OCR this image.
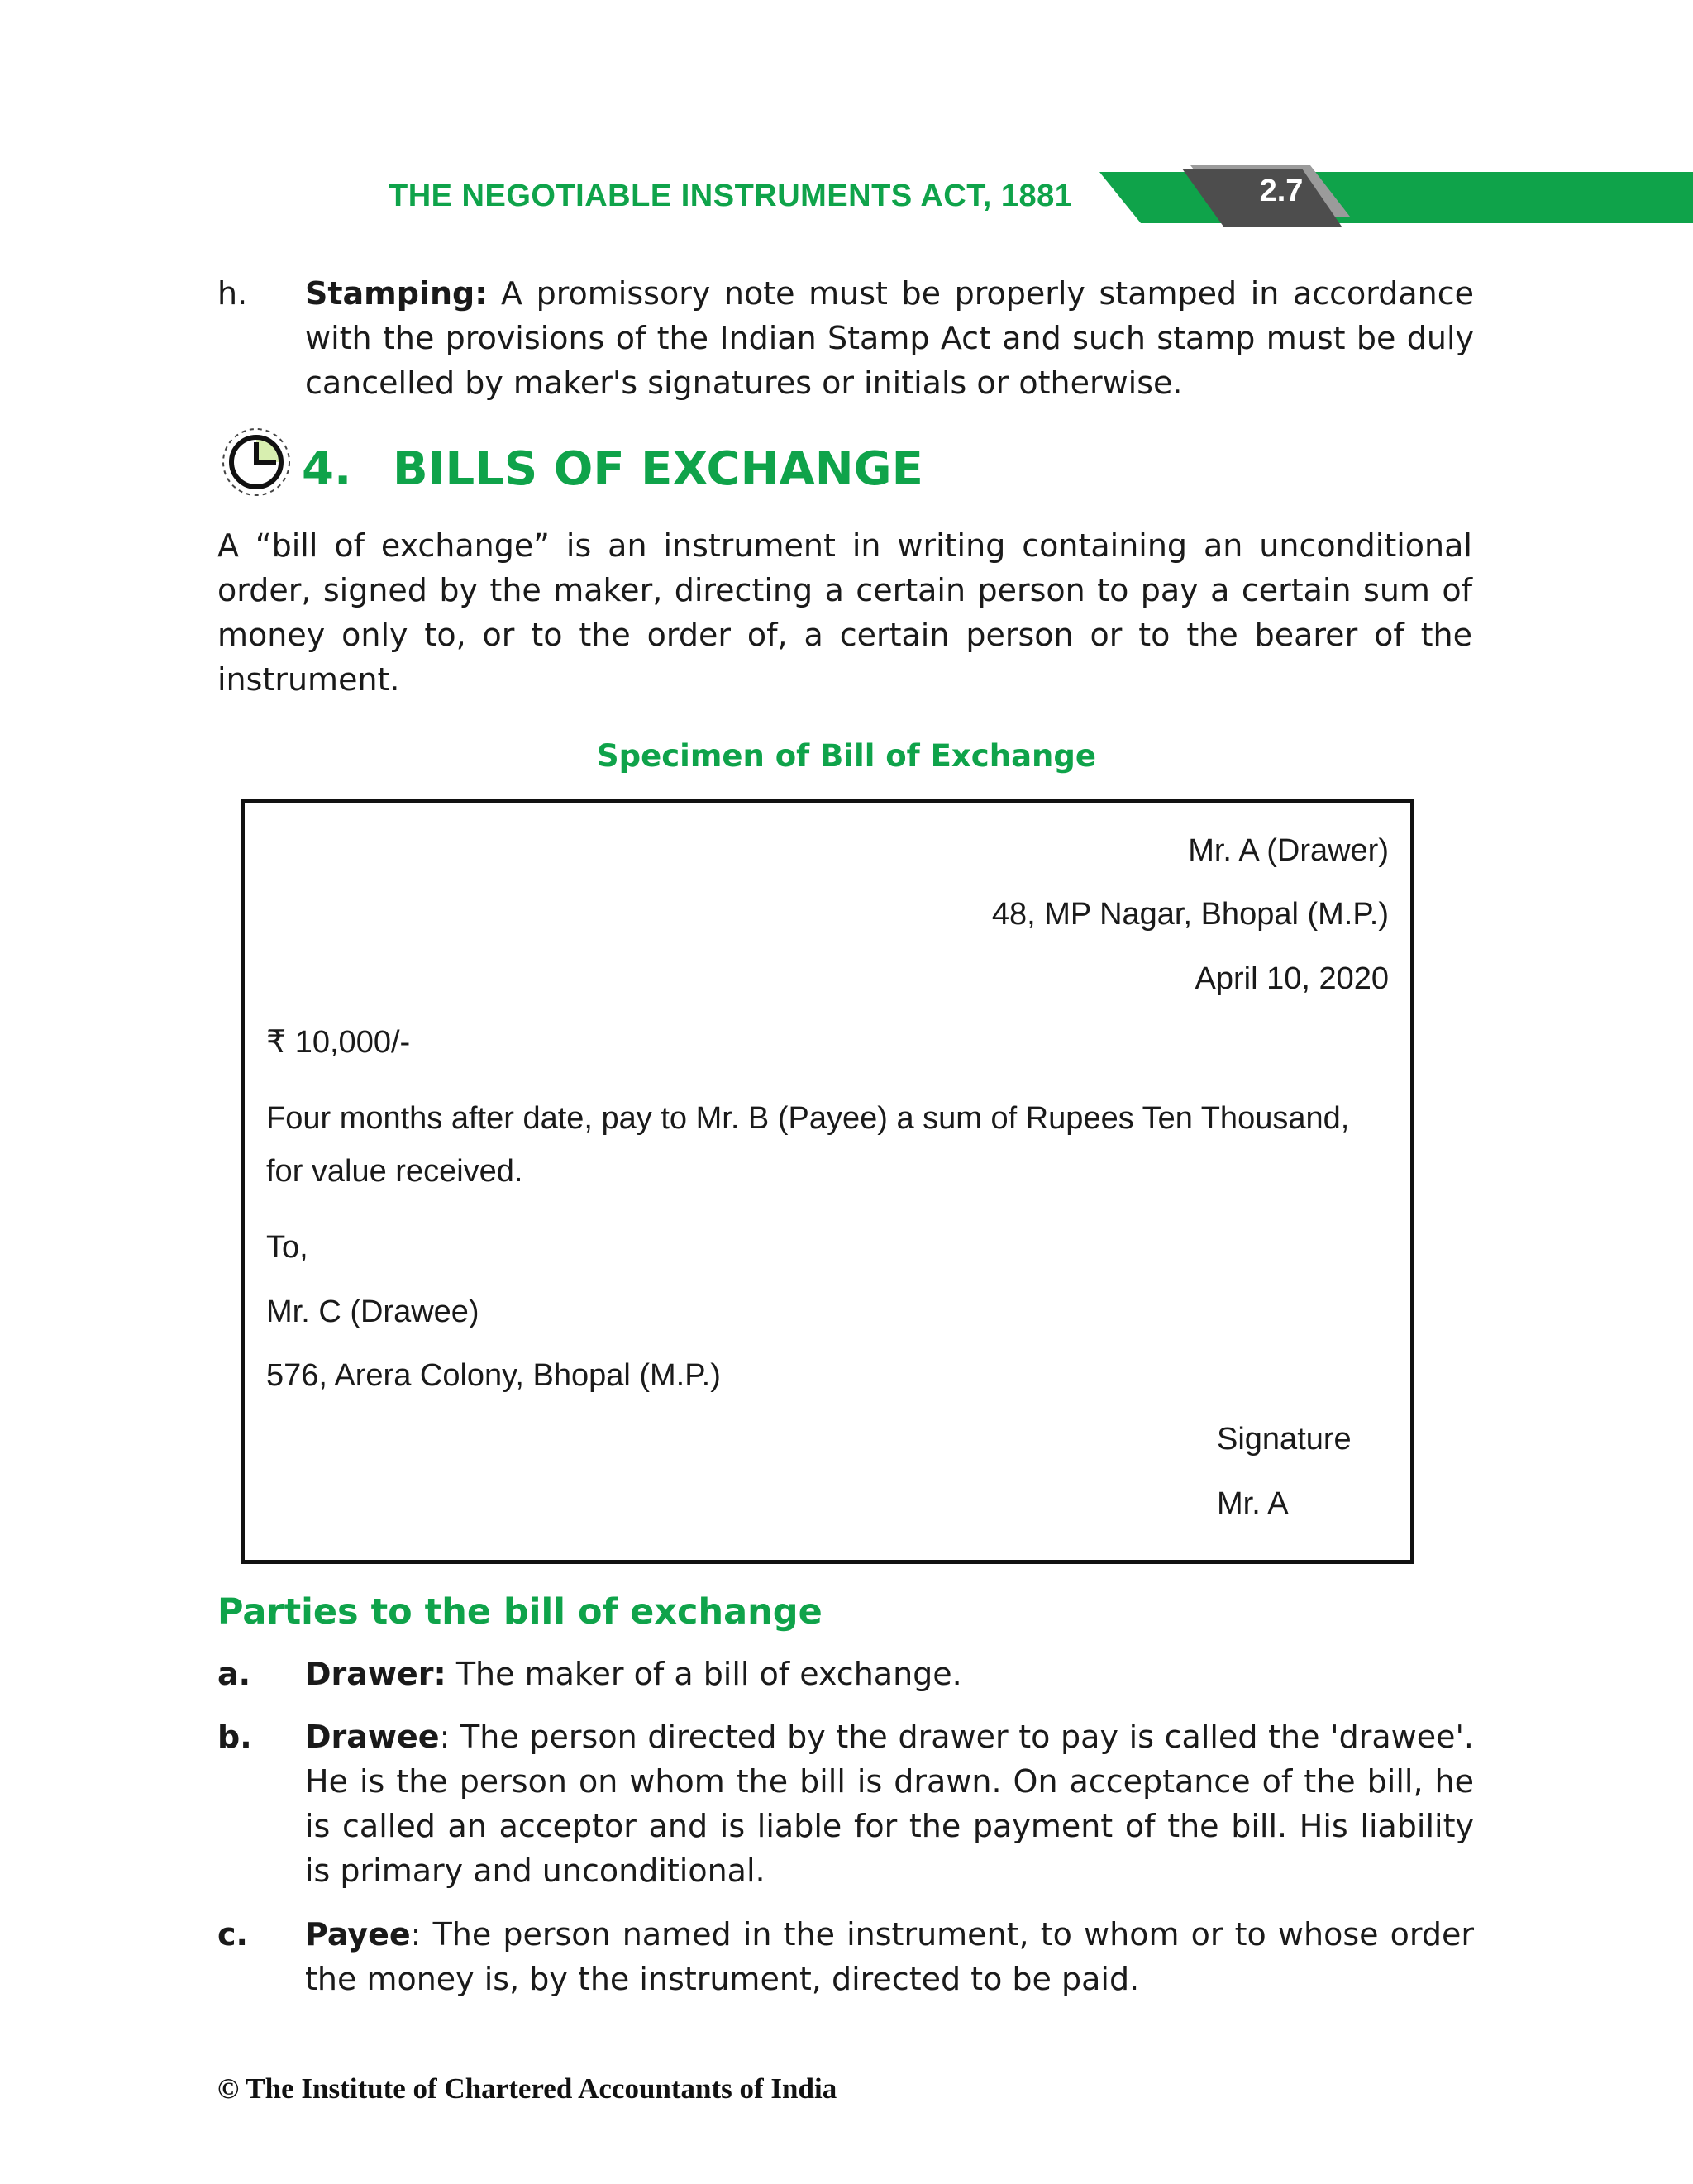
THE NEGOTIABLE INSTRUMENTS ACT, 1881	2.7
h.	Stamping: A promissory note must be properly stamped in accordance with the provisions of the Indian Stamp Act and such stamp must be duly cancelled by maker's signatures or initials or otherwise.
4. BILLS OF EXCHANGE
A “bill of exchange” is an instrument in writing containing an unconditional order, signed by the maker, directing a certain person to pay a certain sum of money only to, or to the order of, a certain person or to the bearer of the instrument.
Specimen of Bill of Exchange
Mr. A (Drawer)
48, MP Nagar, Bhopal (M.P.)
April 10, 2020
₹ 10,000/-
Four months after date, pay to Mr. B (Payee) a sum of Rupees Ten Thousand,
for value received.
To,
Mr. C (Drawee)
576, Arera Colony, Bhopal (M.P.)
Signature
Mr. A
Parties to the bill of exchange
a.	Drawer: The maker of a bill of exchange.
b.	Drawee: The person directed by the drawer to pay is called the 'drawee'. He is the person on whom the bill is drawn. On acceptance of the bill, he is called an acceptor and is liable for the payment of the bill. His liability is primary and unconditional.
c.	Payee: The person named in the instrument, to whom or to whose order the money is, by the instrument, directed to be paid.
© The Institute of Chartered Accountants of India
